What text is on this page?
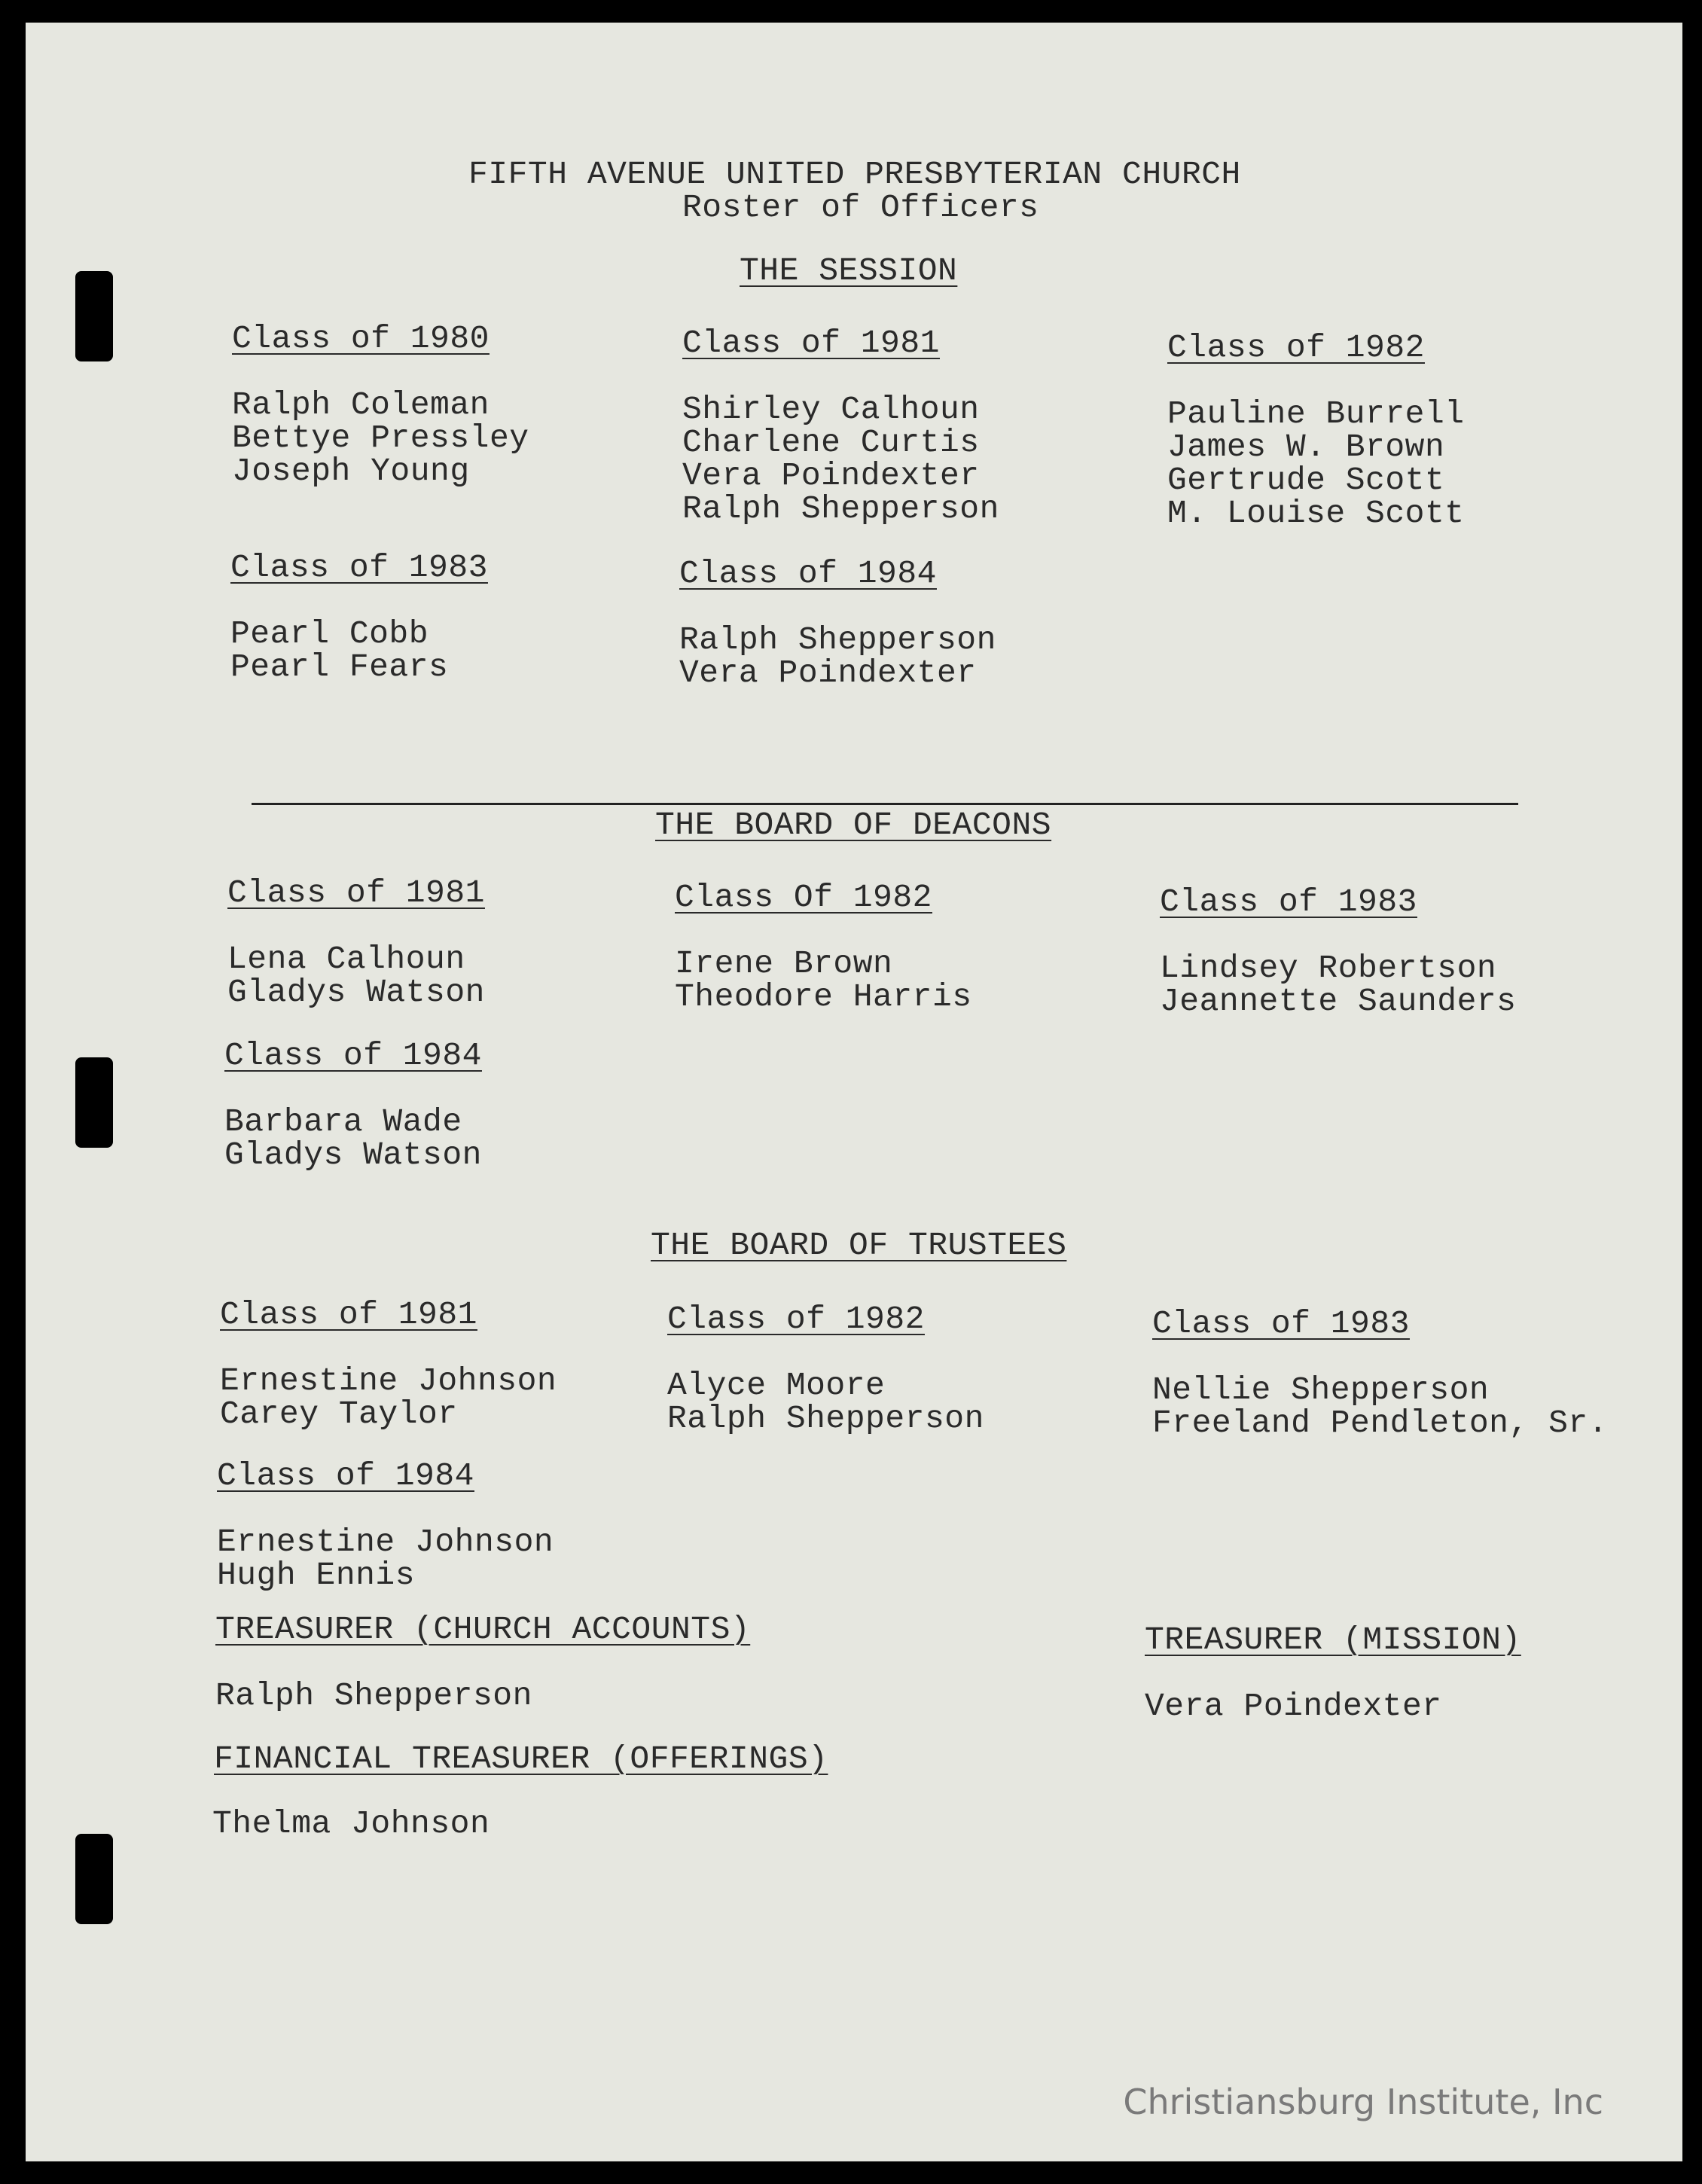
FIFTH AVENUE UNITED PRESBYTERIAN CHURCH
Roster of Officers
THE SESSION
Class of 1980
Ralph Coleman
Bettye Pressley
Joseph Young
Class of 1981
Shirley Calhoun
Charlene Curtis
Vera Poindexter
Ralph Shepperson
Class of 1982
Pauline Burrell
James W. Brown
Gertrude Scott
M. Louise Scott
Class of 1983
Pearl Cobb
Pearl Fears
Class of 1984
Ralph Shepperson
Vera Poindexter
THE BOARD OF DEACONS
Class of 1981
Lena Calhoun
Gladys Watson
Class Of 1982
Irene Brown
Theodore Harris
Class of 1983
Lindsey Robertson
Jeannette Saunders
Class of 1984
Barbara Wade
Gladys Watson
THE BOARD OF TRUSTEES
Class of 1981
Ernestine Johnson
Carey Taylor
Class of 1982
Alyce Moore
Ralph Shepperson
Class of 1983
Nellie Shepperson
Freeland Pendleton, Sr.
Class of 1984
Ernestine Johnson
Hugh Ennis
TREASURER (CHURCH ACCOUNTS)
Ralph Shepperson
TREASURER (MISSION)
Vera Poindexter
FINANCIAL TREASURER (OFFERINGS)
Thelma Johnson
Christiansburg Institute, Inc
